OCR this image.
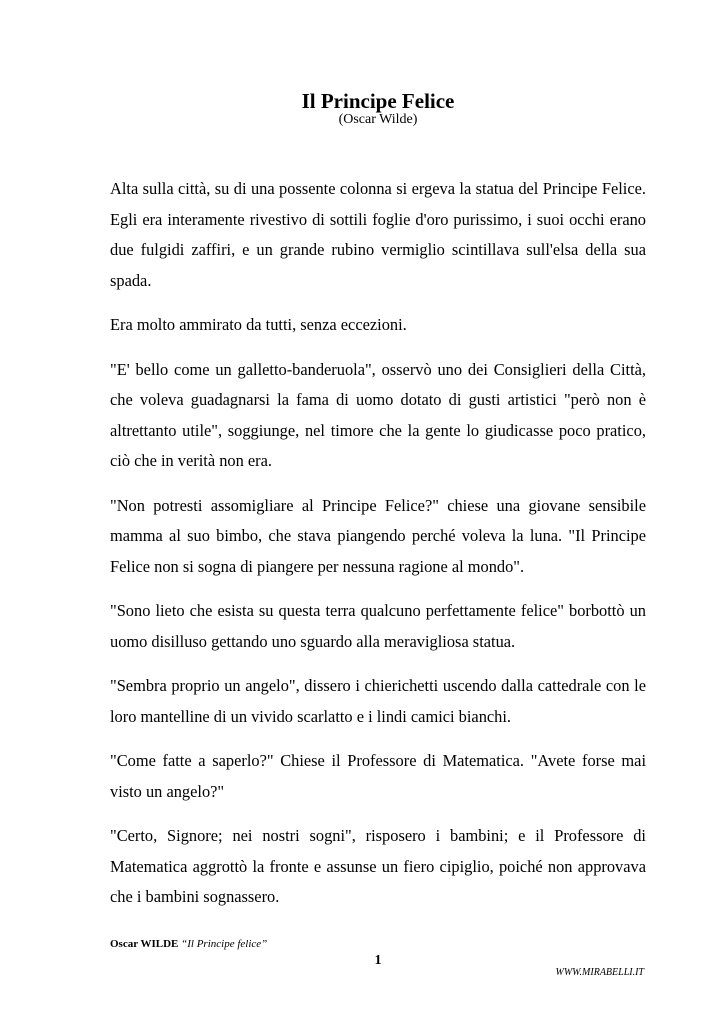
Il Principe Felice
(Oscar Wilde)

Alta sulla città, su di una possente colonna si ergeva la statua del Principe Felice. Egli era interamente rivestivo di sottili foglie d'oro purissimo, i suoi occhi erano due fulgidi zaffiri, e un grande rubino vermiglio scintillava sull'elsa della sua spada.

Era molto ammirato da tutti, senza eccezioni.

"E' bello come un galletto-banderuola", osservò uno dei Consiglieri della Città, che voleva guadagnarsi la fama di uomo dotato di gusti artistici "però non è altrettanto utile", soggiunge, nel timore che la gente lo giudicasse poco pratico, ciò che in verità non era.

"Non potresti assomigliare al Principe Felice?" chiese una giovane sensibile mamma al suo bimbo, che stava piangendo perché voleva la luna. "Il Principe Felice non si sogna di piangere per nessuna ragione al mondo".

"Sono lieto che esista su questa terra qualcuno perfettamente felice" borbottò un uomo disilluso gettando uno sguardo alla meravigliosa statua.

"Sembra proprio un angelo", dissero i chierichetti uscendo dalla cattedrale con le loro mantelline di un vivido scarlatto e i lindi camici bianchi.

"Come fatte a saperlo?" Chiese il Professore di Matematica. "Avete forse mai visto un angelo?"

"Certo, Signore; nei nostri sogni", risposero i bambini; e il Professore di Matematica aggrottò la fronte e assunse un fiero cipiglio, poiché non approvava che i bambini sognassero.

Oscar WILDE “Il Principe felice”
1
WWW.MIRABELLI.IT
